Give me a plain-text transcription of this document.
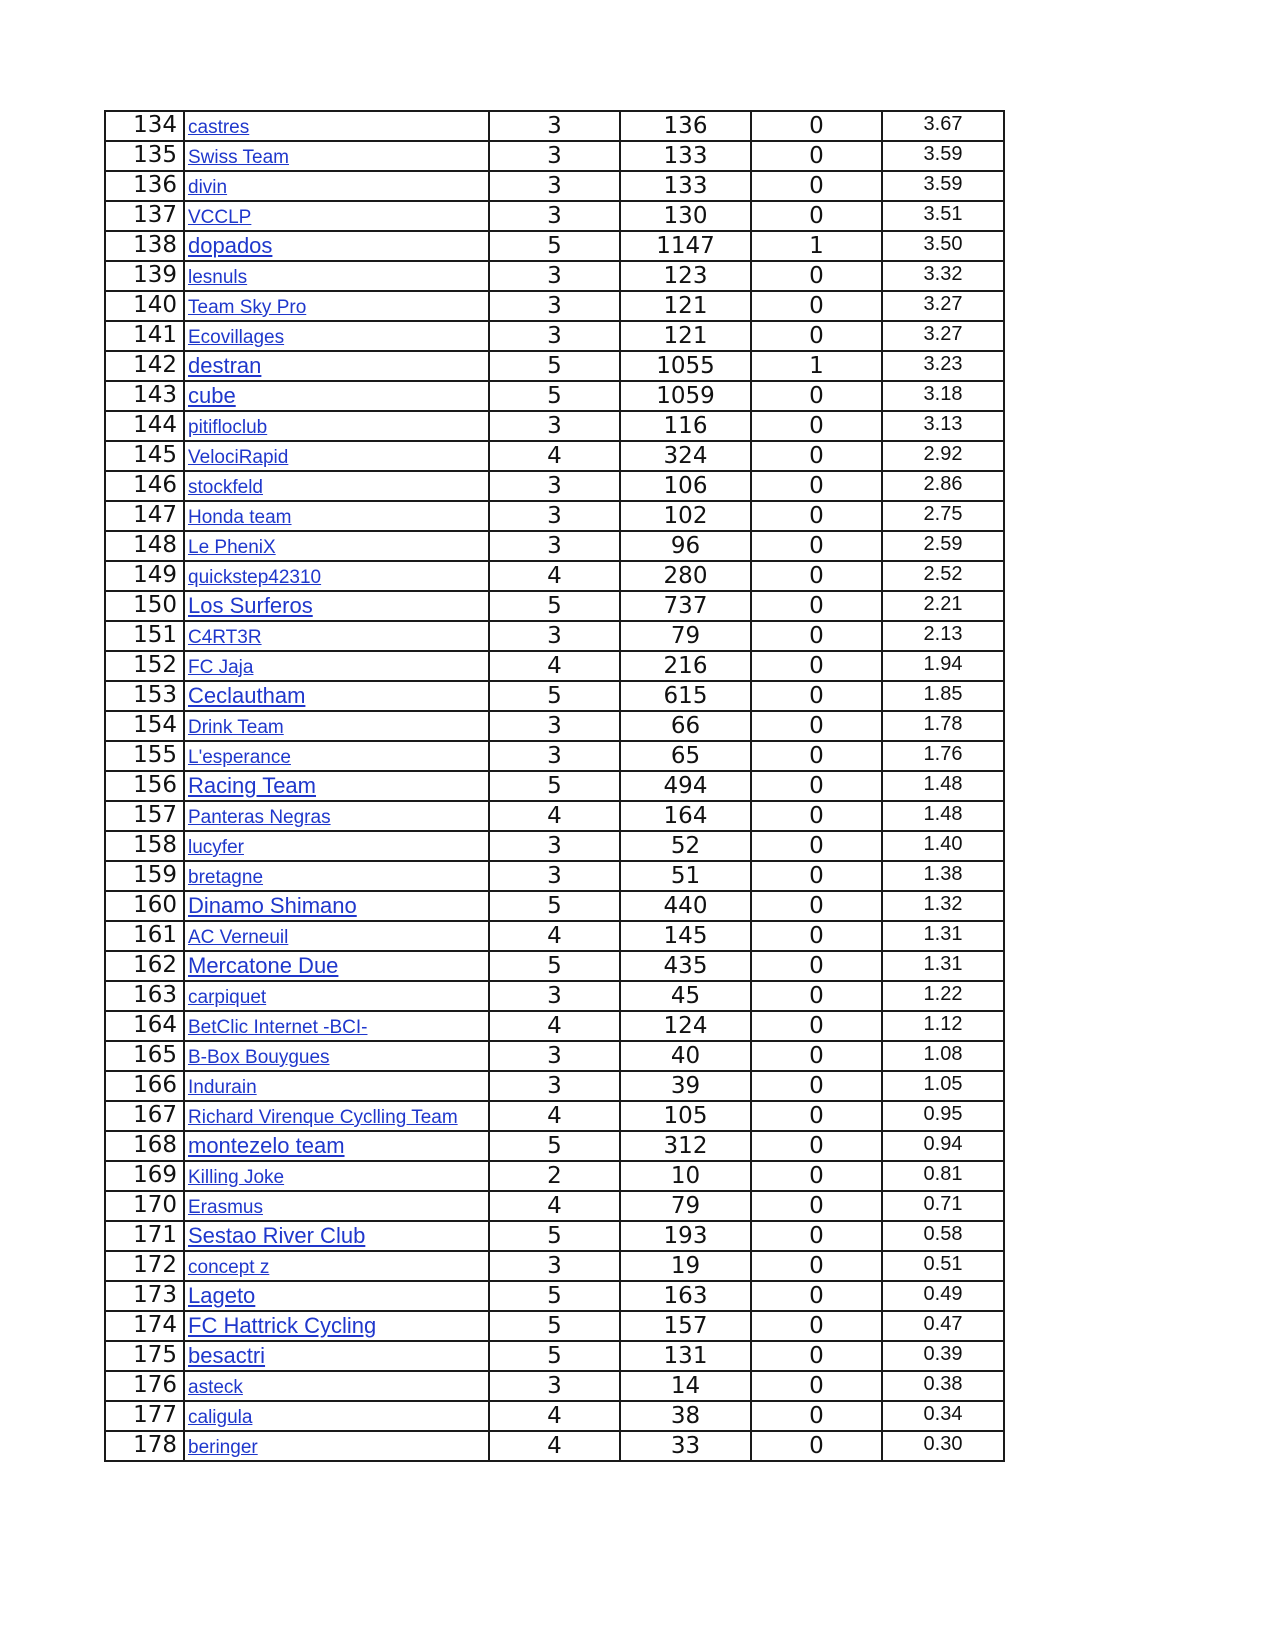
134	castres	3	136	0	3.67
135	Swiss Team	3	133	0	3.59
136	divin	3	133	0	3.59
137	VCCLP	3	130	0	3.51
138	dopados	5	1147	1	3.50
139	lesnuls	3	123	0	3.32
140	Team Sky Pro	3	121	0	3.27
141	Ecovillages	3	121	0	3.27
142	destran	5	1055	1	3.23
143	cube	5	1059	0	3.18
144	pitifloclub	3	116	0	3.13
145	VelociRapid	4	324	0	2.92
146	stockfeld	3	106	0	2.86
147	Honda team	3	102	0	2.75
148	Le PheniX	3	96	0	2.59
149	quickstep42310	4	280	0	2.52
150	Los Surferos	5	737	0	2.21
151	C4RT3R	3	79	0	2.13
152	FC Jaja	4	216	0	1.94
153	Ceclautham	5	615	0	1.85
154	Drink Team	3	66	0	1.78
155	L'esperance	3	65	0	1.76
156	Racing Team	5	494	0	1.48
157	Panteras Negras	4	164	0	1.48
158	lucyfer	3	52	0	1.40
159	bretagne	3	51	0	1.38
160	Dinamo Shimano	5	440	0	1.32
161	AC Verneuil	4	145	0	1.31
162	Mercatone Due	5	435	0	1.31
163	carpiquet	3	45	0	1.22
164	BetClic Internet -BCI-	4	124	0	1.12
165	B-Box Bouygues	3	40	0	1.08
166	Indurain	3	39	0	1.05
167	Richard Virenque Cyclling Team	4	105	0	0.95
168	montezelo team	5	312	0	0.94
169	Killing Joke	2	10	0	0.81
170	Erasmus	4	79	0	0.71
171	Sestao River Club	5	193	0	0.58
172	concept z	3	19	0	0.51
173	Lageto	5	163	0	0.49
174	FC Hattrick Cycling	5	157	0	0.47
175	besactri	5	131	0	0.39
176	asteck	3	14	0	0.38
177	caligula	4	38	0	0.34
178	beringer	4	33	0	0.30
